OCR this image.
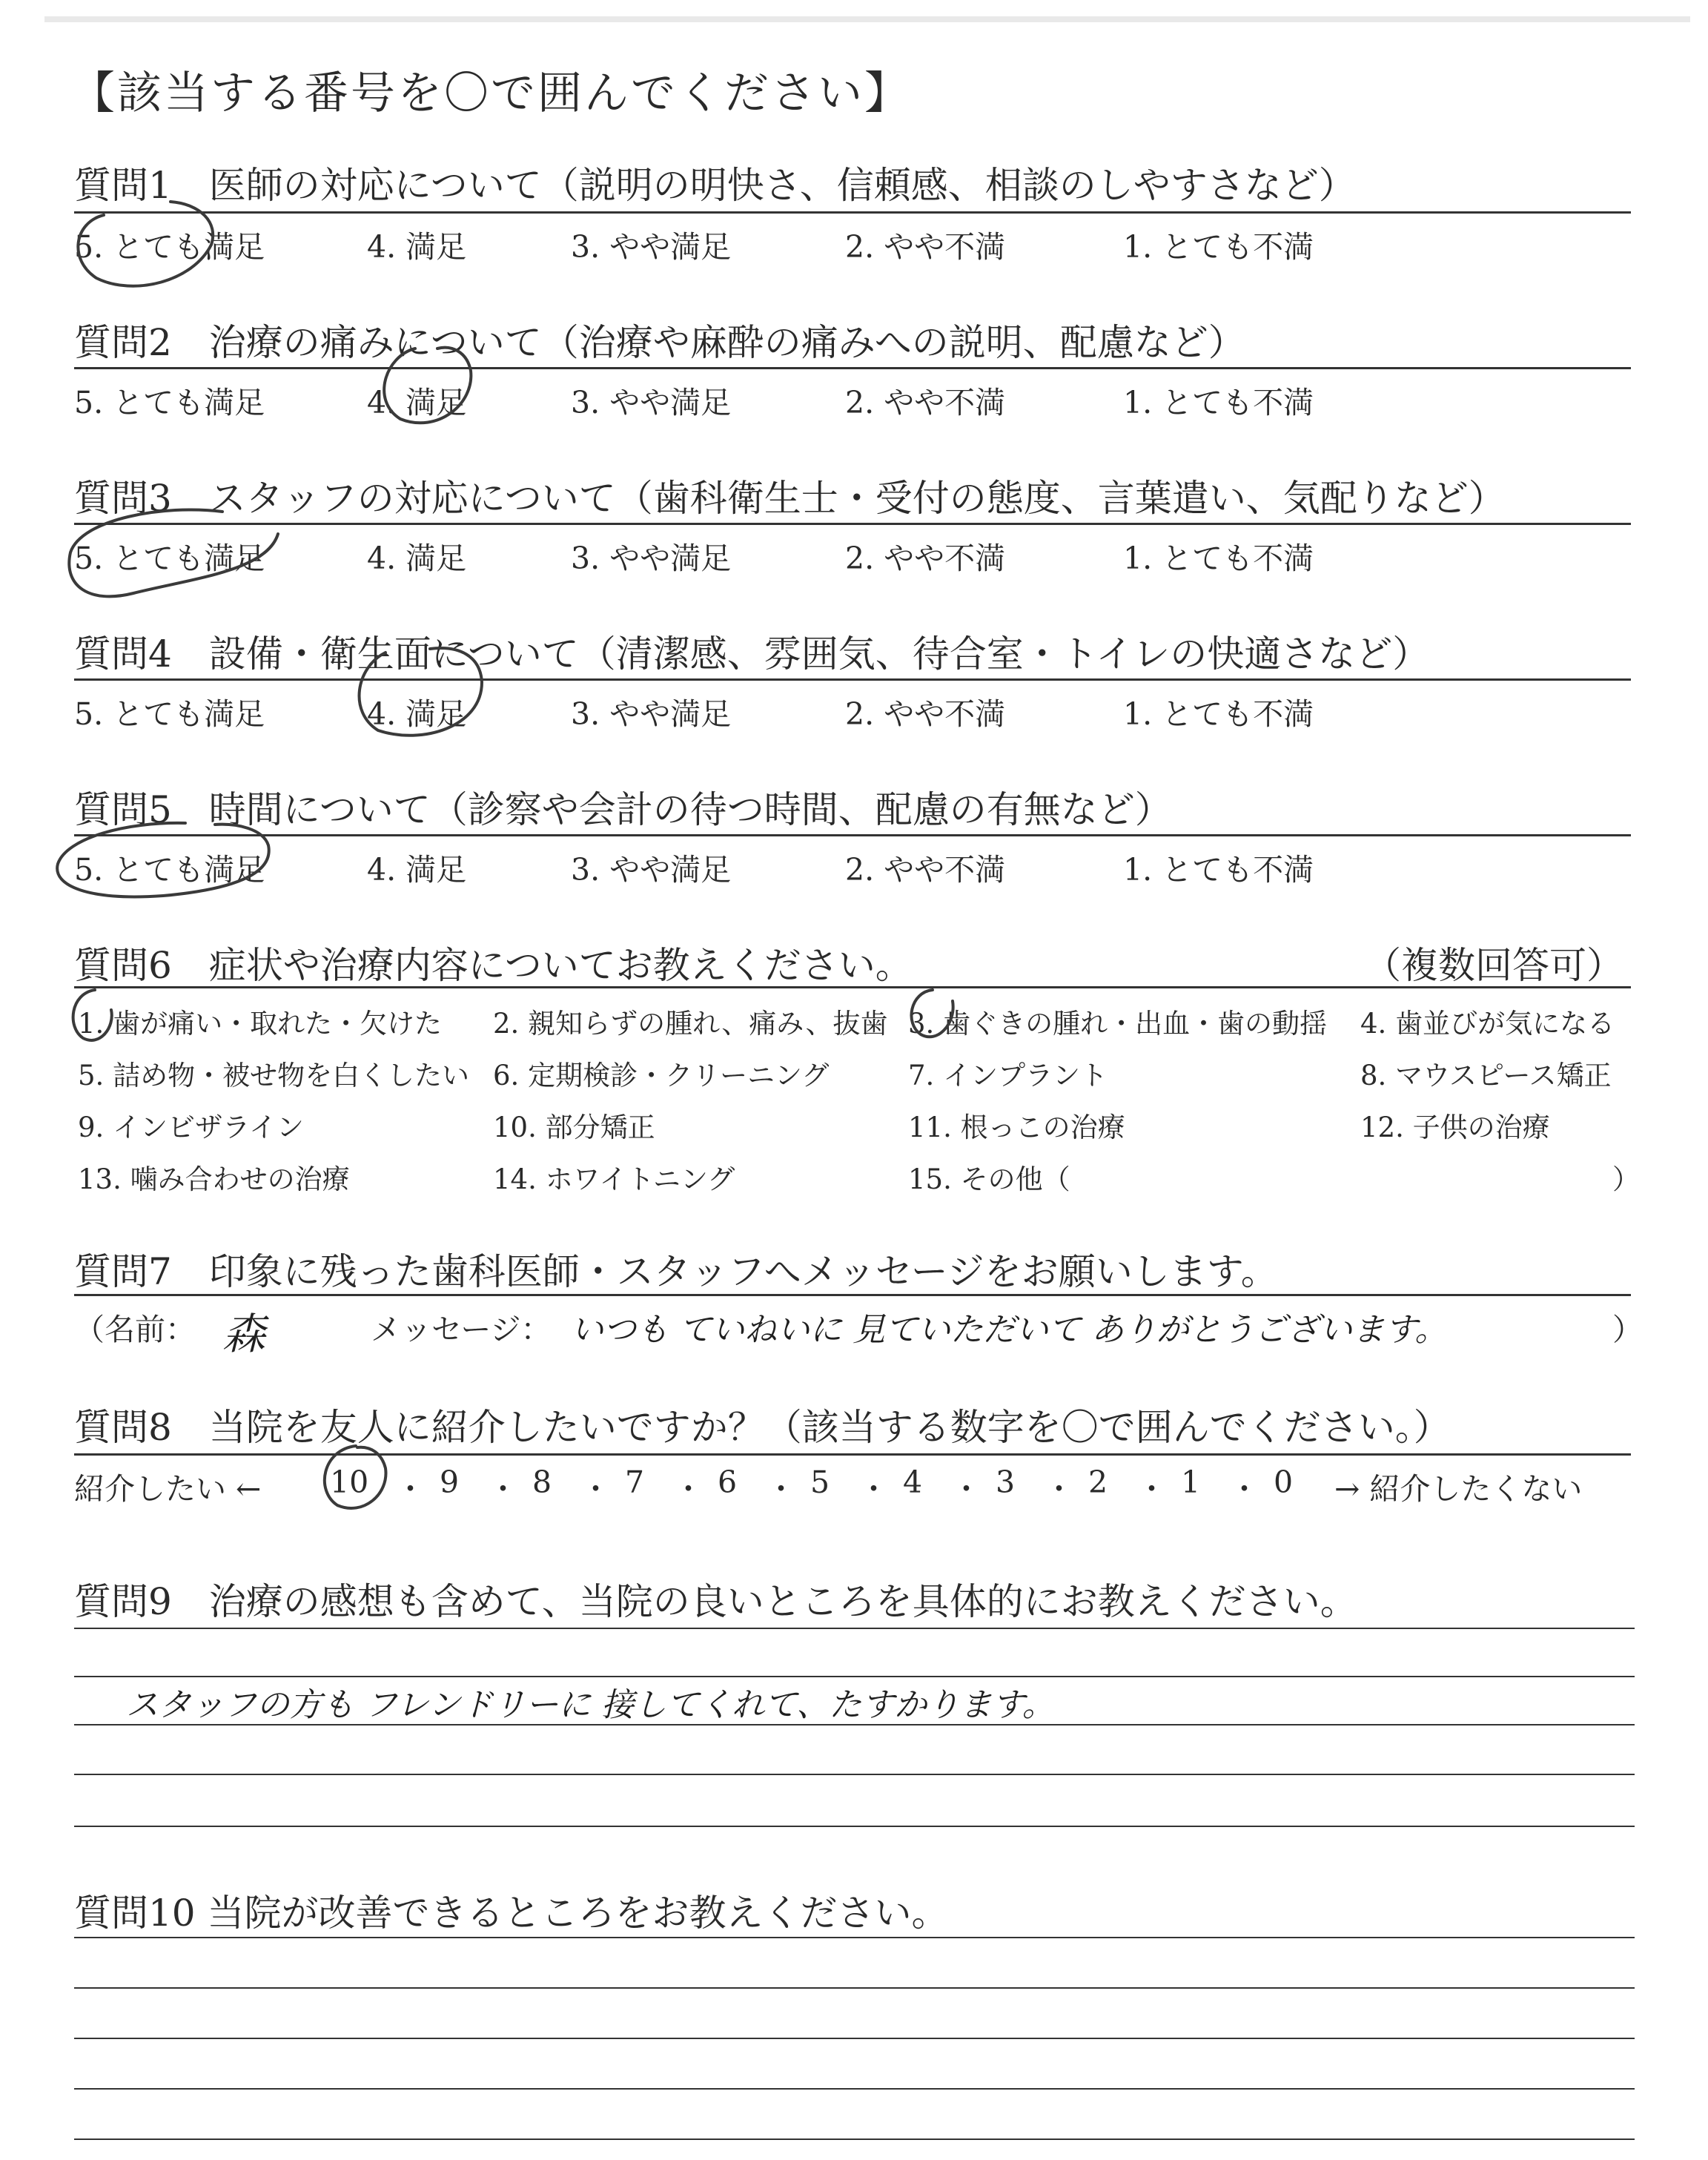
【該当する番号を〇で囲んでください】
質問1　医師の対応について（説明の明快さ、信頼感、相談のしやすさなど）
5. とても満足	4. 満足	3. やや満足	2. やや不満	1. とても不満
質問2　治療の痛みについて（治療や麻酔の痛みへの説明、配慮など）
5. とても満足	4. 満足	3. やや満足	2. やや不満	1. とても不満
質問3　スタッフの対応について（歯科衛生士・受付の態度、言葉遣い、気配りなど）
5. とても満足	4. 満足	3. やや満足	2. やや不満	1. とても不満
質問4　設備・衛生面について（清潔感、雰囲気、待合室・トイレの快適さなど）
5. とても満足	4. 満足	3. やや満足	2. やや不満	1. とても不満
質問5　時間について（診察や会計の待つ時間、配慮の有無など）
5. とても満足	4. 満足	3. やや満足	2. やや不満	1. とても不満
質問6　症状や治療内容についてお教えください。	（複数回答可）
1. 歯が痛い・取れた・欠けた 2. 親知らずの腫れ、痛み、抜歯 3. 歯ぐきの腫れ・出血・歯の動揺 4. 歯並びが気になる
5. 詰め物・被せ物を白くしたい 6. 定期検診・クリーニング	7. インプラント	8. マウスピース矯正
9. インビザライン	10. 部分矯正	11. 根っこの治療	12. 子供の治療
13. 噛み合わせの治療	14. ホワイトニング	15. その他（	）
質問7　印象に残った歯科医師・スタッフへメッセージをお願いします。
（名前： 森	メッセージ： いつも ていねいに 見ていただいて ありがとうございます。	）
質問8　当院を友人に紹介したいですか？（該当する数字を〇で囲んでください。）
紹介したい ← 10 ・ 9 ・ 8 ・ 7 ・ 6 ・ 5 ・ 4 ・ 3 ・ 2 ・ 1 ・ 0 → 紹介したくない
質問9　治療の感想も含めて、当院の良いところを具体的にお教えください。
スタッフの方も フレンドリーに 接してくれて、たすかります。
質問10 当院が改善できるところをお教えください。
